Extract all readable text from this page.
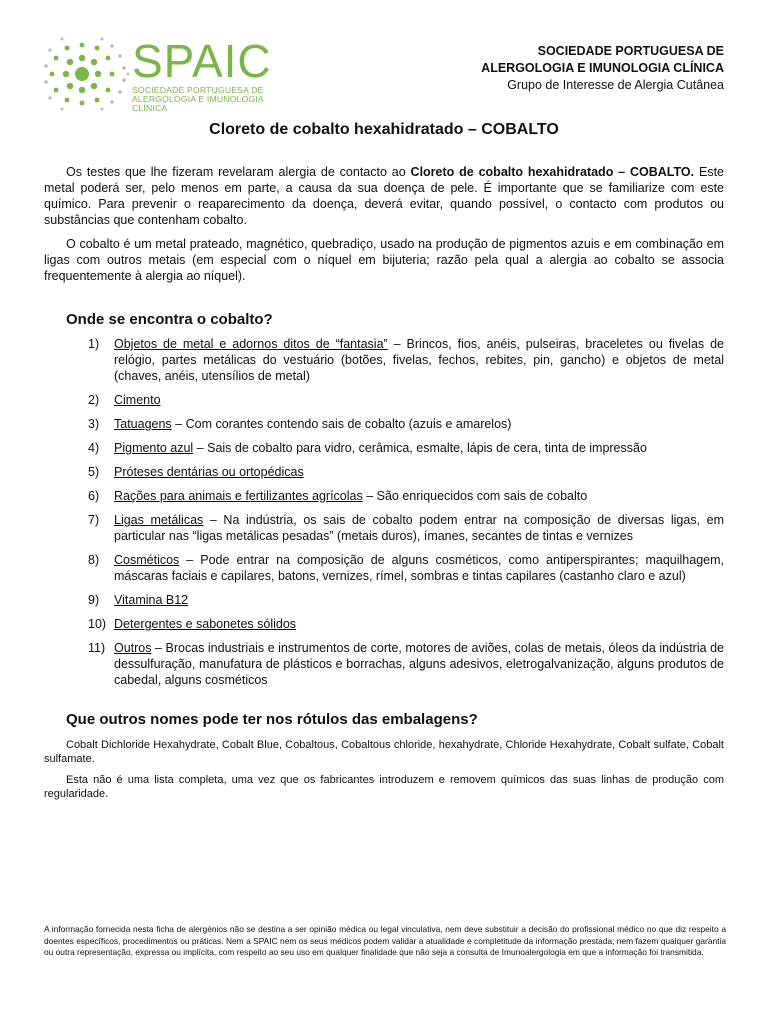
SPAIC
SOCIEDADE PORTUGUESA DE
ALERGOLOGIA E IMUNOLOGIA CLÍNICA
SOCIEDADE PORTUGUESA DE
ALERGOLOGIA E IMUNOLOGIA CLÍNICA
Grupo de Interesse de Alergia Cutânea
Cloreto de cobalto hexahidratado – COBALTO

Os testes que lhe fizeram revelaram alergia de contacto ao Cloreto de cobalto hexahidratado – COBALTO. Este metal poderá ser, pelo menos em parte, a causa da sua doença de pele. É importante que se familiarize com este químico. Para prevenir o reaparecimento da doença, deverá evitar, quando possível, o contacto com produtos ou substâncias que contenham cobalto.

O cobalto é um metal prateado, magnético, quebradiço, usado na produção de pigmentos azuis e em combinação em ligas com outros metais (em especial com o níquel em bijuteria; razão pela qual a alergia ao cobalto se associa frequentemente à alergia ao níquel).

Onde se encontra o cobalto?
1) Objetos de metal e adornos ditos de “fantasia” – Brincos, fios, anéis, pulseiras, braceletes ou fivelas de relógio, partes metálicas do vestuário (botões, fivelas, fechos, rebites, pin, gancho) e objetos de metal (chaves, anéis, utensílios de metal)
2) Cimento
3) Tatuagens – Com corantes contendo sais de cobalto (azuis e amarelos)
4) Pigmento azul – Sais de cobalto para vidro, cerâmica, esmalte, lápis de cera, tinta de impressão
5) Próteses dentárias ou ortopédicas
6) Rações para animais e fertilizantes agrícolas – São enriquecidos com sais de cobalto
7) Ligas metálicas – Na indústria, os sais de cobalto podem entrar na composição de diversas ligas, em particular nas “ligas metálicas pesadas” (metais duros), ímanes, secantes de tintas e vernizes
8) Cosméticos – Pode entrar na composição de alguns cosméticos, como antiperspirantes; maquilhagem, máscaras faciais e capilares, batons, vernizes, rímel, sombras e tintas capilares (castanho claro e azul)
9) Vitamina B12
10) Detergentes e sabonetes sólidos
11) Outros – Brocas industriais e instrumentos de corte, motores de aviões, colas de metais, óleos da indústria de dessulfuração, manufatura de plásticos e borrachas, alguns adesivos, eletrogalvanização, alguns produtos de cabedal, alguns cosméticos
Que outros nomes pode ter nos rótulos das embalagens?

Cobalt Dichloride Hexahydrate, Cobalt Blue, Cobaltous, Cobaltous chloride, hexahydrate, Chloride Hexahydrate, Cobalt sulfate, Cobalt sulfamate.

Esta não é uma lista completa, uma vez que os fabricantes introduzem e removem químicos das suas linhas de produção com regularidade.

A informação fornecida nesta ficha de alergénios não se destina a ser opinião médica ou legal vinculativa, nem deve substituir a decisão do profissional médico no que diz respeito a doentes específicos, procedimentos ou práticas. Nem a SPAIC nem os seus médicos podem validar a atualidade e completitude da informação prestada; nem fazem qualquer garantia ou outra representação, expressa ou implícita, com respeito ao seu uso em qualquer finalidade que não seja a consulta de Imunoalergologia em que a informação foi transmitida.
